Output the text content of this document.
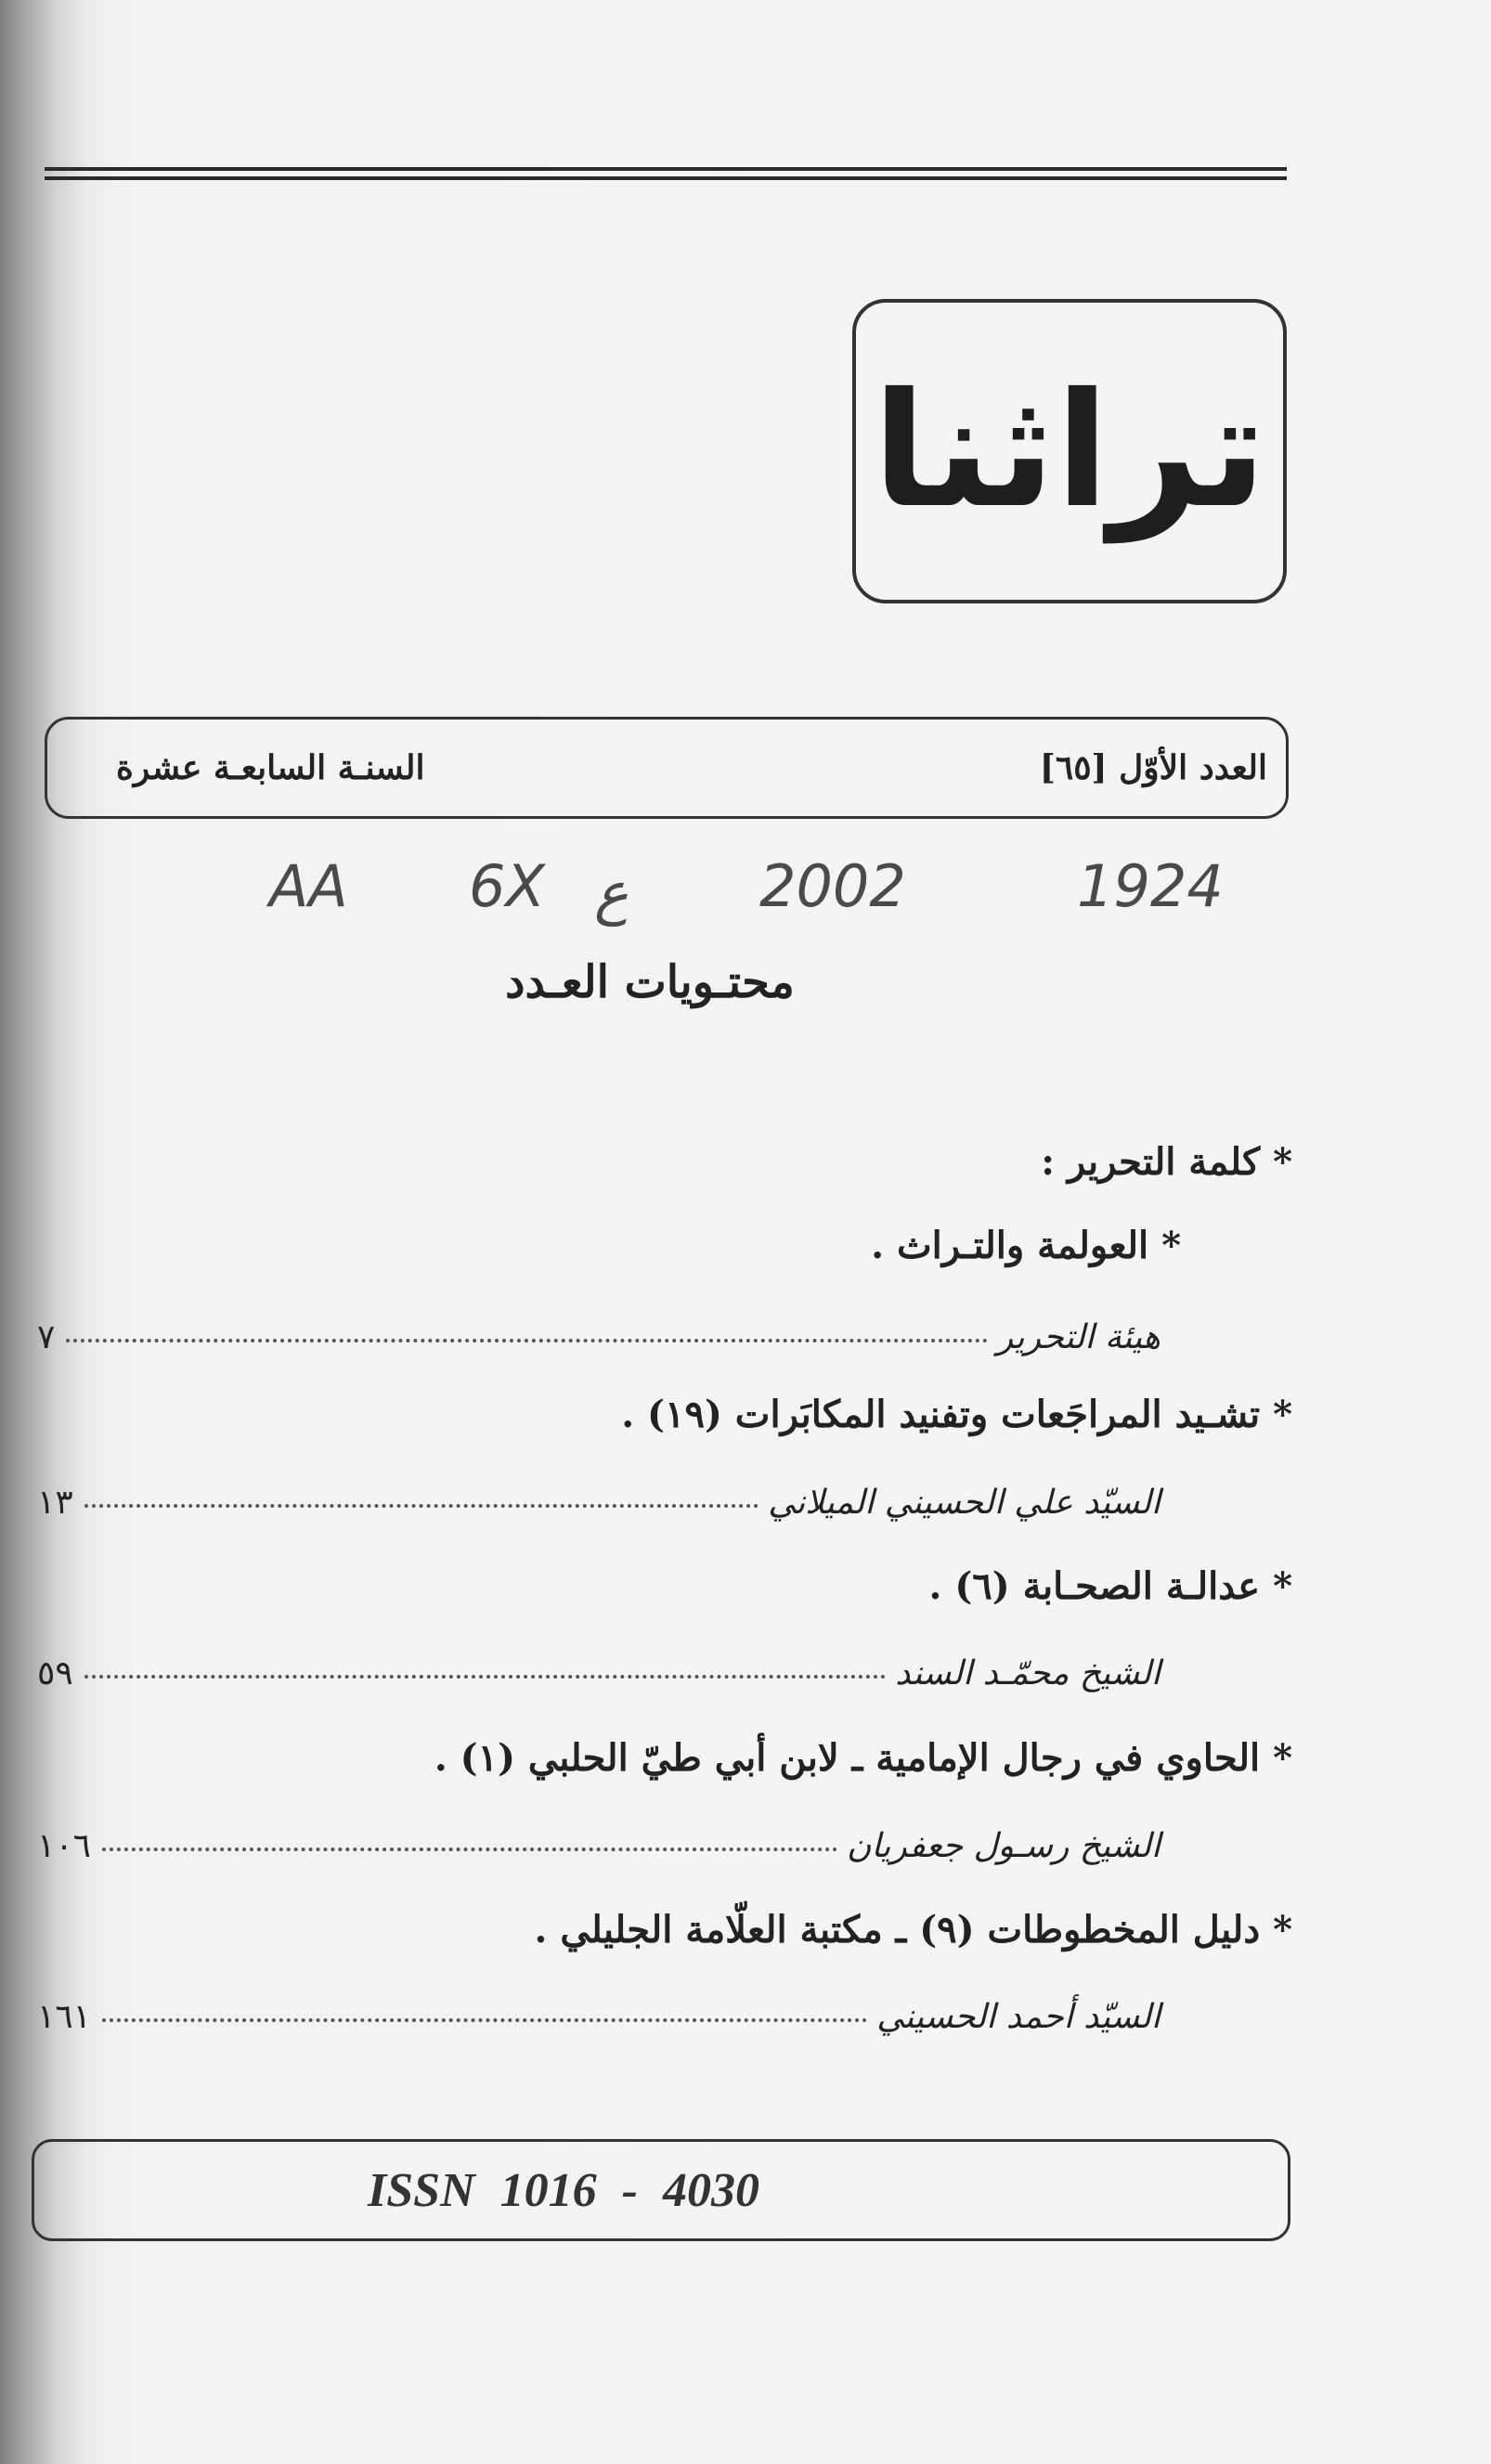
تراثنا
العدد الأوّل [٦٥]
السنـة السابعـة عشرة
AA 6Χ ع 2002	1924
محتـويات العـدد
* كلمة التحرير :
* العولمة والتـراث .
هيئة التحرير
٧
* تشـيد المراجَعات وتفنيد المكابَرات (١٩) .
السيّد علي الحسيني الميلاني
١٣
* عدالـة الصحـابة (٦) .
الشيخ محمّـد السند
٥٩
* الحاوي في رجال الإمامية ـ لابن أبي طيّ الحلبي (١) .
الشيخ رسـول جعفريان
١٠٦
* دليل المخطوطات (٩) ـ مكتبة العلّامة الجليلي .
السيّد أحمد الحسيني
١٦١
ISSN 1016 - 4030
